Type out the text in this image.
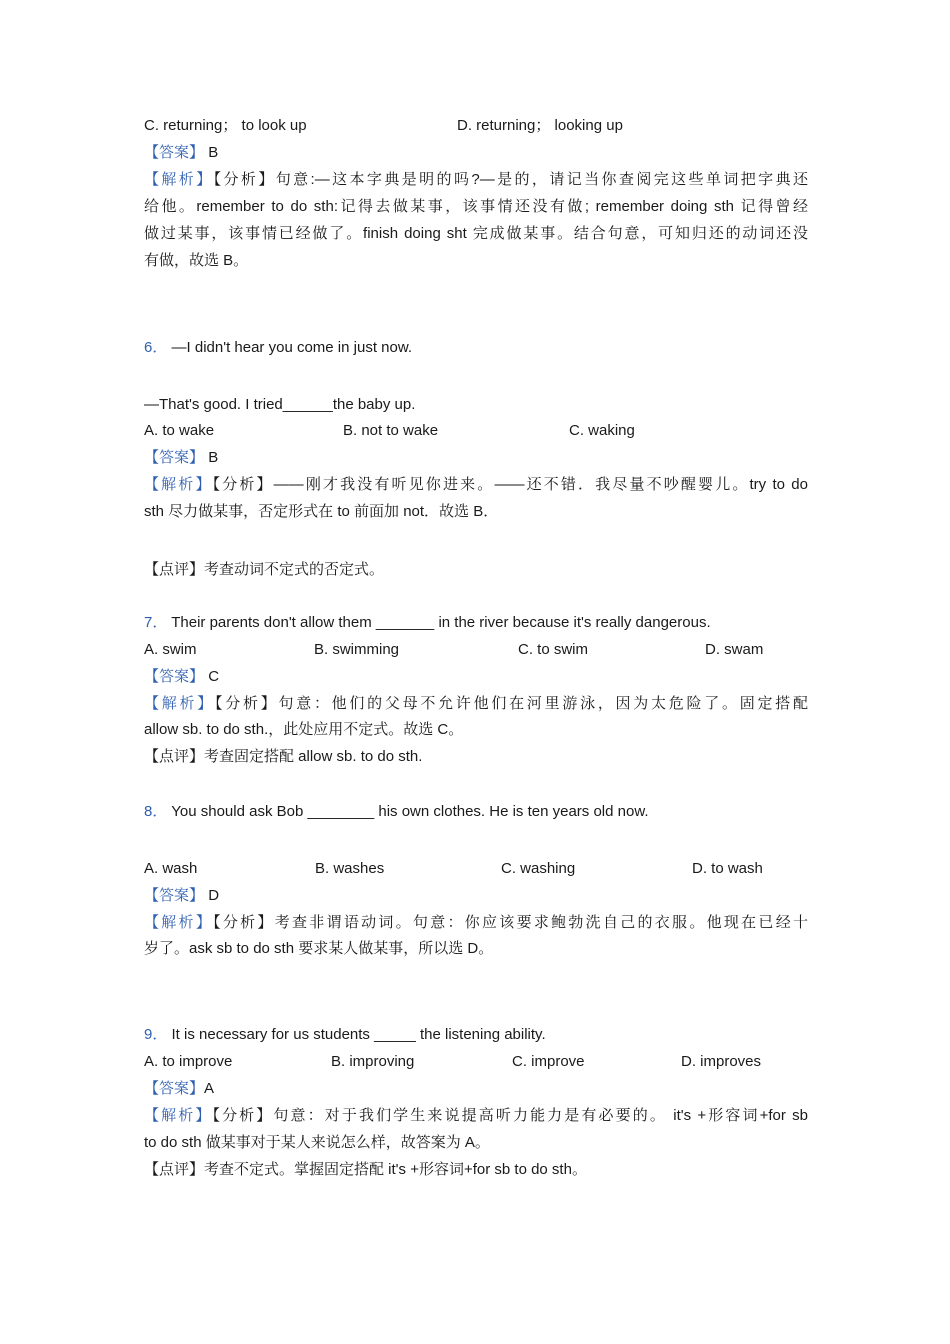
C. returning； to look up	D. returning； looking up
【答案】 B
【解析】【分析】句意:—这本字典是明的吗?—是的，请记当你查阅完这些单词把字典还
给他。remember to do sth:记得去做某事，该事情还没有做; remember doing sth 记得曾经
做过某事，该事情已经做了。finish doing sht 完成做某事。结合句意，可知归还的动词还没
有做，故选 B。
6． —I didn't hear you come in just now.
—That's good. I tried______the baby up.
A. to wake	B. not to wake	C. waking
【答案】 B
【解析】【分析】——刚才我没有听见你进来。——还不错．我尽量不吵醒婴儿。try to do
sth 尽力做某事，否定形式在 to 前面加 not．故选 B．
【点评】考查动词不定式的否定式。
7． Their parents don't allow them _______ in the river because it's really dangerous.
A. swim	B. swimming	C. to swim	D. swam
【答案】 C
【解析】【分析】句意：他们的父母不允许他们在河里游泳，因为太危险了。固定搭配
allow sb. to do sth.，此处应用不定式。故选 C。
【点评】考查固定搭配 allow sb. to do sth.
8． You should ask Bob ________ his own clothes. He is ten years old now.
A. wash	B. washes	C. washing	D. to wash
【答案】 D
【解析】【分析】考查非谓语动词。句意：你应该要求鲍勃洗自己的衣服。他现在已经十
岁了。ask sb to do sth 要求某人做某事，所以选 D。
9． It is necessary for us students _____ the listening ability.
A. to improve	B. improving	C. improve	D. improves
【答案】A
【解析】【分析】句意：对于我们学生来说提高听力能力是有必要的。 it's +形容词+for sb
to do sth 做某事对于某人来说怎么样，故答案为 A。
【点评】考查不定式。掌握固定搭配 it's +形容词+for sb to do sth。
